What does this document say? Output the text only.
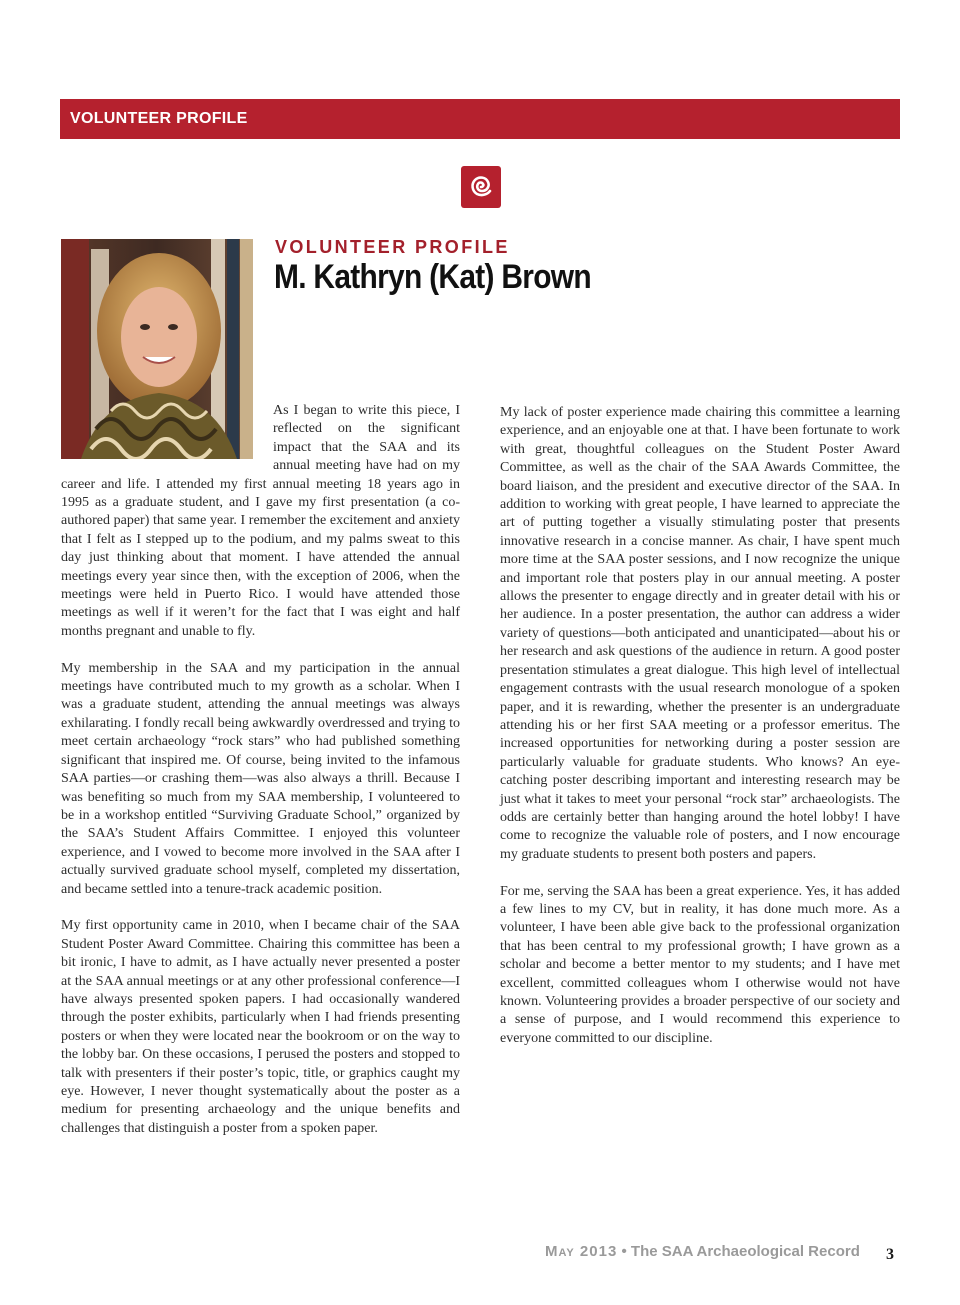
VOLUNTEER PROFILE
VOLUNTEER PROFILE
M. Kathryn (Kat) Brown

As I began to write this piece, I reflected on the significant impact that the SAA and its annual meeting have had on my career and life. I attended my first annual meeting 18 years ago in 1995 as a graduate student, and I gave my first presentation (a co-authored paper) that same year. I remember the excitement and anxiety that I felt as I stepped up to the podium, and my palms sweat to this day just thinking about that moment. I have attended the annual meetings every year since then, with the exception of 2006, when the meetings were held in Puerto Rico. I would have attended those meetings as well if it weren’t for the fact that I was eight and half months pregnant and unable to fly.

My membership in the SAA and my participation in the annual meetings have contributed much to my growth as a scholar. When I was a graduate student, attending the annual meetings was always exhilarating. I fondly recall being awkwardly overdressed and trying to meet certain archaeology “rock stars” who had published something significant that inspired me. Of course, being invited to the infamous SAA parties—or crashing them—was also always a thrill. Because I was benefiting so much from my SAA membership, I volunteered to be in a workshop entitled “Surviving Graduate School,” organized by the SAA’s Student Affairs Committee. I enjoyed this volunteer experience, and I vowed to become more involved in the SAA after I actually survived graduate school myself, completed my dissertation, and became settled into a tenure-track academic position.

My first opportunity came in 2010, when I became chair of the SAA Student Poster Award Committee. Chairing this committee has been a bit ironic, I have to admit, as I have actually never presented a poster at the SAA annual meetings or at any other professional conference—I have always presented spoken papers. I had occasionally wandered through the poster exhibits, particularly when I had friends presenting posters or when they were located near the bookroom or on the way to the lobby bar. On these occasions, I perused the posters and stopped to talk with presenters if their poster’s topic, title, or graphics caught my eye. However, I never thought systematically about the poster as a medium for presenting archaeology and the unique benefits and challenges that distinguish a poster from a spoken paper.

My lack of poster experience made chairing this committee a learning experience, and an enjoyable one at that. I have been fortunate to work with great, thoughtful colleagues on the Student Poster Award Committee, as well as the chair of the SAA Awards Committee, the board liaison, and the president and executive director of the SAA. In addition to working with great people, I have learned to appreciate the art of putting together a visually stimulating poster that presents innovative research in a concise manner. As chair, I have spent much more time at the SAA poster sessions, and I now recognize the unique and important role that posters play in our annual meeting. A poster allows the presenter to engage directly and in greater detail with his or her audience. In a poster presentation, the author can address a wider variety of questions—both anticipated and unanticipated—about his or her research and ask questions of the audience in return. A good poster presentation stimulates a great dialogue. This high level of intellectual engagement contrasts with the usual research monologue of a spoken paper, and it is rewarding, whether the presenter is an undergraduate attending his or her first SAA meeting or a professor emeritus. The increased opportunities for networking during a poster session are particularly valuable for graduate students. Who knows? An eye-catching poster describing important and interesting research may be just what it takes to meet your personal “rock star” archaeologists. The odds are certainly better than hanging around the hotel lobby! I have come to recognize the valuable role of posters, and I now encourage my graduate students to present both posters and papers.

For me, serving the SAA has been a great experience. Yes, it has added a few lines to my CV, but in reality, it has done much more. As a volunteer, I have been able give back to the professional organization that has been central to my professional growth; I have grown as a scholar and become a better mentor to my students; and I have met excellent, committed colleagues whom I otherwise would not have known. Volunteering provides a broader perspective of our society and a sense of purpose, and I would recommend this experience to everyone committed to our discipline.

May 2013 • The SAA Archaeological Record 3
